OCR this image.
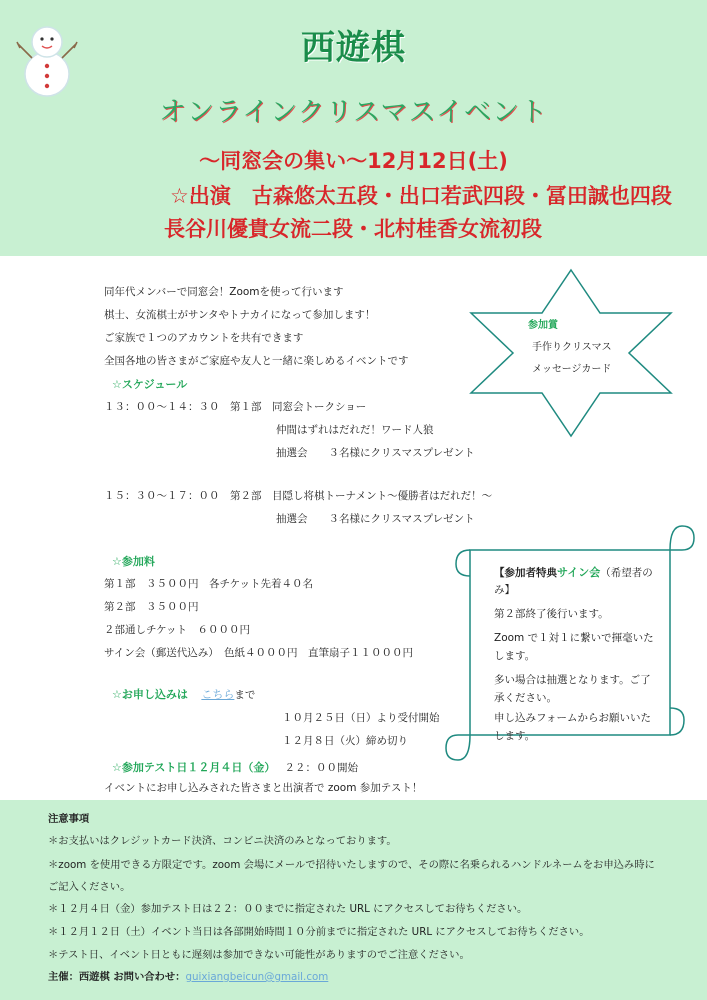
西遊棋
オンラインクリスマスイベント
〜同窓会の集い〜12月12日(土)
☆出演　古森悠太五段・出口若武四段・冨田誠也四段
長谷川優貴女流二段・北村桂香女流初段
同年代メンバーで同窓会！Zoomを使って行います
棋士、女流棋士がサンタやトナカイになって参加します！
ご家族で１つのアカウントを共有できます
全国各地の皆さまがご家庭や友人と一緒に楽しめるイベントです
☆スケジュール
１３：００〜１４：３０　第１部　同窓会トークショー
仲間はずれはだれだ！ワード人狼
抽選会　　３名様にクリスマスプレゼント
１５：３０〜１７：００　第２部　目隠し将棋トーナメント〜優勝者はだれだ！〜
抽選会　　３名様にクリスマスプレゼント
☆参加料
第１部　３５００円　各チケット先着４０名
第２部　３５００円
２部通しチケット　６０００円
サイン会（郵送代込み）　色紙４０００円　直筆扇子１１０００円
☆お申し込みは こちらまで
１０月２５日（日）より受付開始
１２月８日（火）締め切り
☆参加テスト日１２月４日（金） ２２：００開始
イベントにお申し込みされた皆さまと出演者で zoom 参加テスト！
参加賞
手作りクリスマス
メッセージカード
【参加者特典サイン会（希望者の
み】
第２部終了後行います。
Zoom で１対１に繋いで揮毫いた
します。
多い場合は抽選となります。ご了
承ください。
申し込みフォームからお願いいた
します。
注意事項
＊お支払いはクレジットカード決済、コンビニ決済のみとなっております。
＊zoom を使用できる方限定です。zoom 会場にメールで招待いたしますので、その際に名乗られるハンドルネームをお申込み時に
ご記入ください。
＊１２月４日（金）参加テスト日は２２：００までに指定された URL にアクセスしてお待ちください。
＊１２月１２日（土）イベント当日は各部開始時間１０分前までに指定された URL にアクセスしてお待ちください。
＊テスト日、イベント日ともに遅刻は参加できない可能性がありますのでご注意ください。
主催：西遊棋 お問い合わせ：guixiangbeicun@gmail.com
